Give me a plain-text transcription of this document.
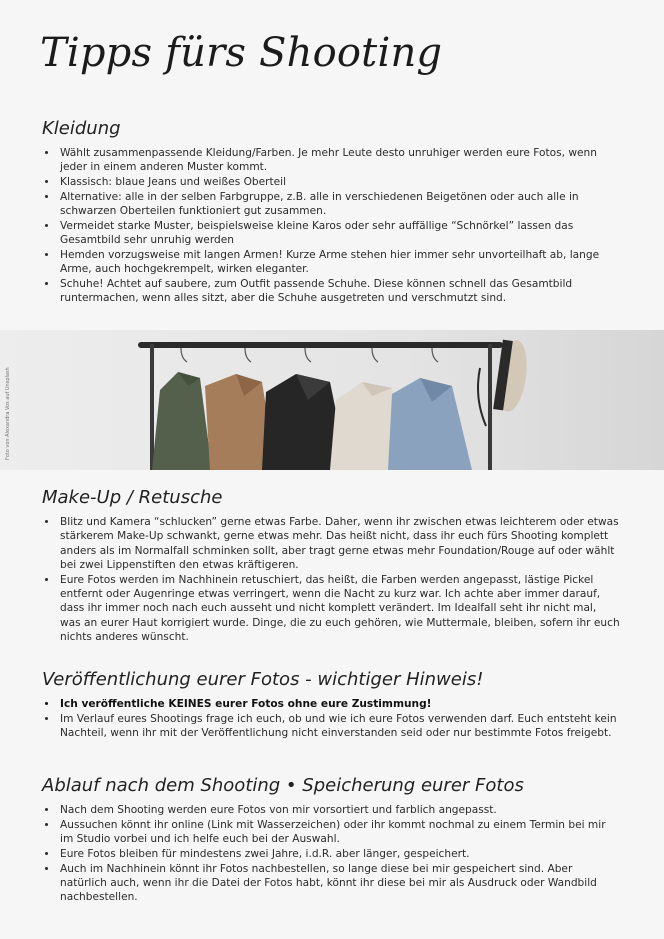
Tipps fürs Shooting
Kleidung
• Wählt zusammenpassende Kleidung/Farben. Je mehr Leute desto unruhiger werden eure Fotos, wenn jeder in einem anderen Muster kommt.
• Klassisch: blaue Jeans und weißes Oberteil
• Alternative: alle in der selben Farbgruppe, z.B. alle in verschiedenen Beigetönen oder auch alle in schwarzen Oberteilen funktioniert gut zusammen.
• Vermeidet starke Muster, beispielsweise kleine Karos oder sehr auffällige “Schnörkel” lassen das Gesamtbild sehr unruhig werden
• Hemden vorzugsweise mit langen Armen! Kurze Arme stehen hier immer sehr unvorteilhaft ab, lange Arme, auch hochgekrempelt, wirken eleganter.
• Schuhe! Achtet auf saubere, zum Outfit passende Schuhe. Diese können schnell das Gesamtbild runtermachen, wenn alles sitzt, aber die Schuhe ausgetreten und verschmutzt sind.
Foto von Alexandra Vos auf Unsplash
Make-Up / Retusche
• Blitz und Kamera “schlucken” gerne etwas Farbe. Daher, wenn ihr zwischen etwas leichterem oder etwas stärkerem Make-Up schwankt, gerne etwas mehr. Das heißt nicht, dass ihr euch fürs Shooting komplett anders als im Normalfall schminken sollt, aber tragt gerne etwas mehr Foundation/Rouge auf oder wählt bei zwei Lippenstiften den etwas kräftigeren.
• Eure Fotos werden im Nachhinein retuschiert, das heißt, die Farben werden angepasst, lästige Pickel entfernt oder Augenringe etwas verringert, wenn die Nacht zu kurz war. Ich achte aber immer darauf, dass ihr immer noch nach euch ausseht und nicht komplett verändert. Im Idealfall seht ihr nicht mal, was an eurer Haut korrigiert wurde. Dinge, die zu euch gehören, wie Muttermale, bleiben, sofern ihr euch nichts anderes wünscht.
Veröffentlichung eurer Fotos - wichtiger Hinweis!
• Ich veröffentliche KEINES eurer Fotos ohne eure Zustimmung!
• Im Verlauf eures Shootings frage ich euch, ob und wie ich eure Fotos verwenden darf. Euch entsteht kein Nachteil, wenn ihr mit der Veröffentlichung nicht einverstanden seid oder nur bestimmte Fotos freigebt.
Ablauf nach dem Shooting • Speicherung eurer Fotos
• Nach dem Shooting werden eure Fotos von mir vorsortiert und farblich angepasst.
• Aussuchen könnt ihr online (Link mit Wasserzeichen) oder ihr kommt nochmal zu einem Termin bei mir im Studio vorbei und ich helfe euch bei der Auswahl.
• Eure Fotos bleiben für mindestens zwei Jahre, i.d.R. aber länger, gespeichert.
• Auch im Nachhinein könnt ihr Fotos nachbestellen, so lange diese bei mir gespeichert sind. Aber natürlich auch, wenn ihr die Datei der Fotos habt, könnt ihr diese bei mir als Ausdruck oder Wandbild nachbestellen.
